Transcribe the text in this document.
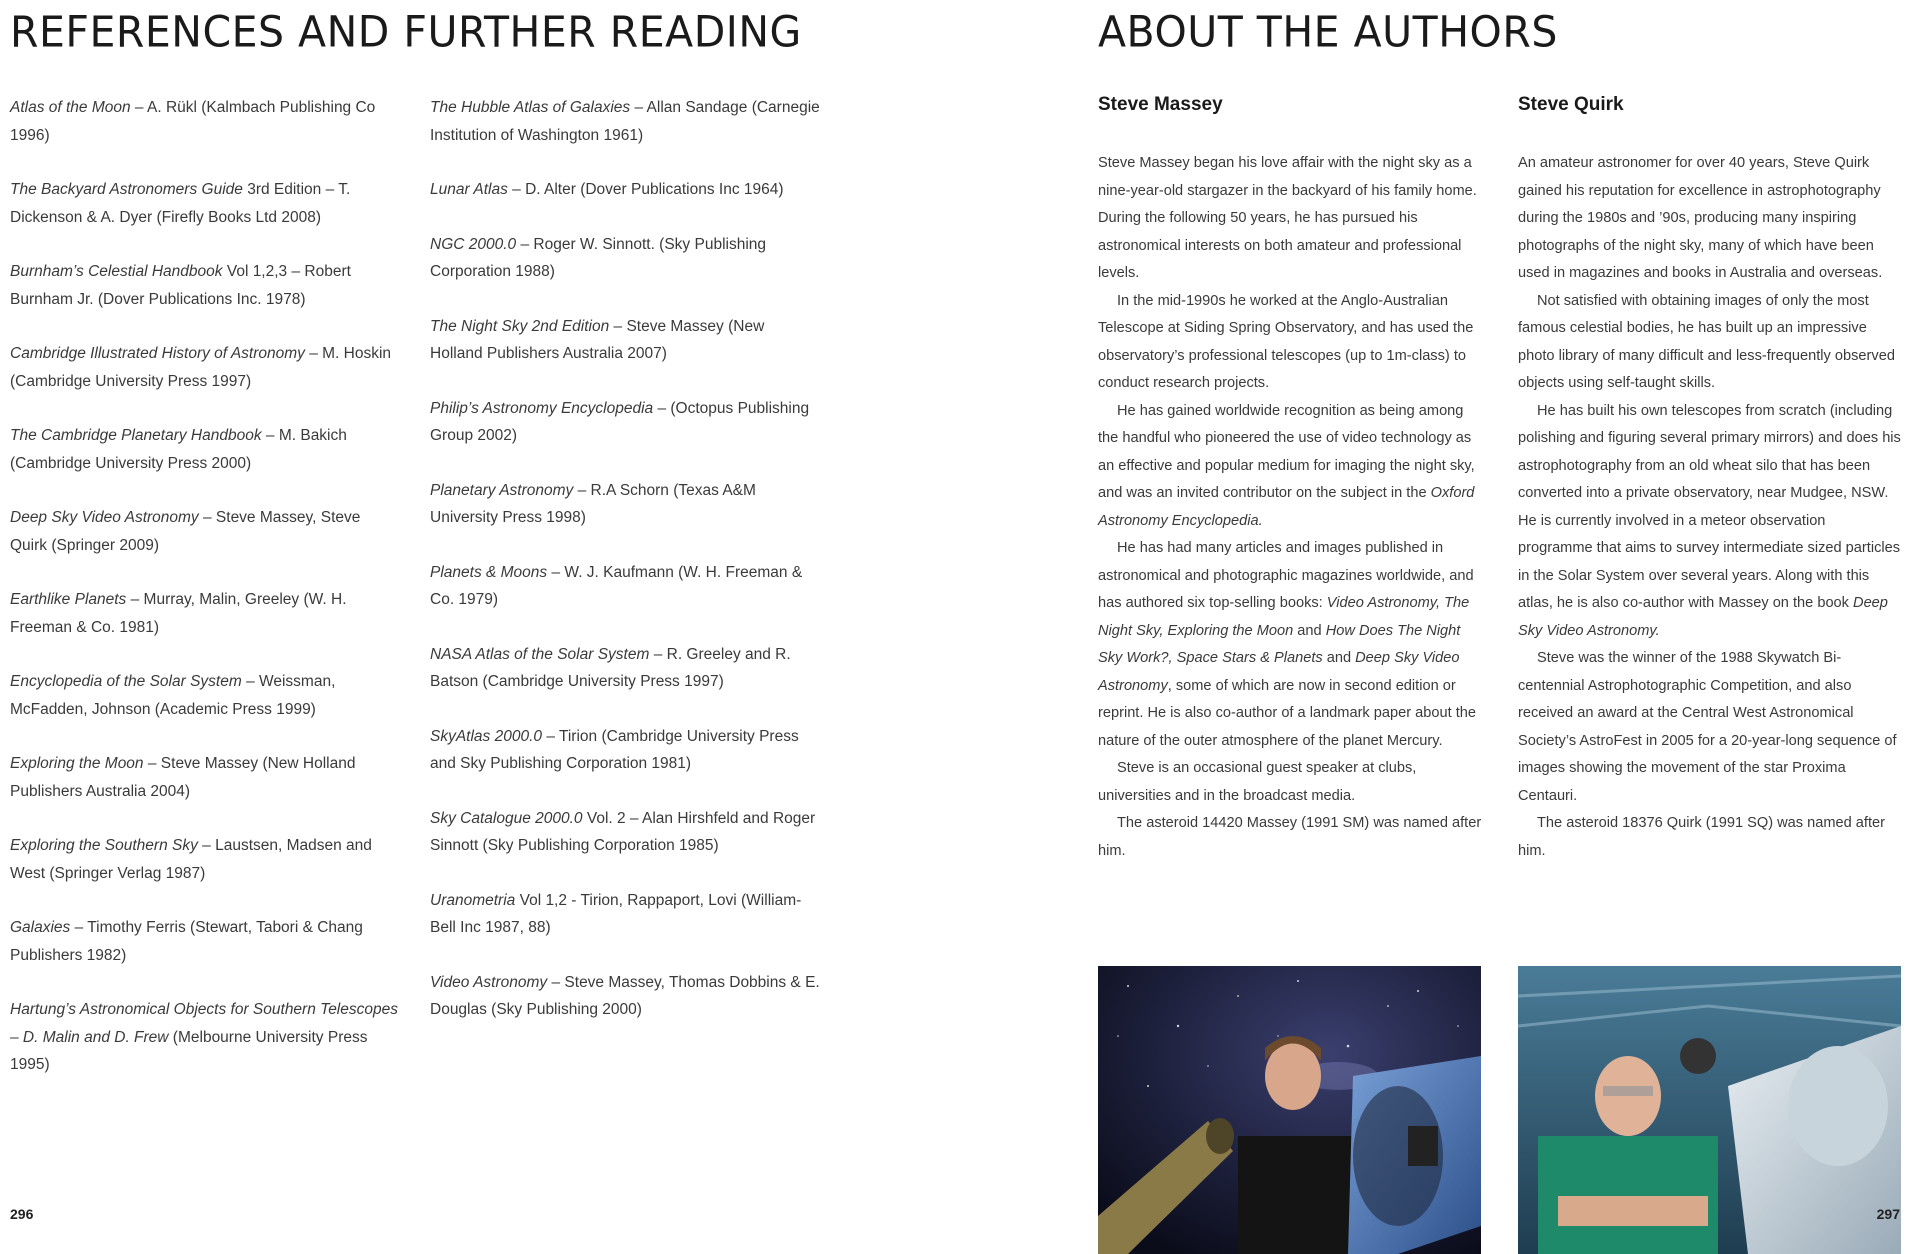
REFERENCES AND FURTHER READING

Atlas of the Moon – A. Rükl (Kalmbach Publishing Co 1996)

The Backyard Astronomers Guide 3rd Edition – T. Dickenson & A. Dyer (Firefly Books Ltd 2008)

Burnham’s Celestial Handbook Vol 1,2,3 – Robert Burnham Jr. (Dover Publications Inc. 1978)

Cambridge Illustrated History of Astronomy – M. Hoskin (Cambridge University Press 1997)

The Cambridge Planetary Handbook – M. Bakich (Cambridge University Press 2000)

Deep Sky Video Astronomy – Steve Massey, Steve Quirk (Springer 2009)

Earthlike Planets – Murray, Malin, Greeley (W. H. Freeman & Co. 1981)

Encyclopedia of the Solar System – Weissman, McFadden, Johnson (Academic Press 1999)

Exploring the Moon – Steve Massey (New Holland Publishers Australia 2004)

Exploring the Southern Sky – Laustsen, Madsen and West (Springer Verlag 1987)

Galaxies – Timothy Ferris (Stewart, Tabori & Chang Publishers 1982)

Hartung’s Astronomical Objects for Southern Telescopes – D. Malin and D. Frew (Melbourne University Press 1995)

The Hubble Atlas of Galaxies – Allan Sandage (Carnegie Institution of Washington 1961)

Lunar Atlas – D. Alter (Dover Publications Inc 1964)

NGC 2000.0 – Roger W. Sinnott. (Sky Publishing Corporation 1988)

The Night Sky 2nd Edition – Steve Massey (New Holland Publishers Australia 2007)

Philip’s Astronomy Encyclopedia – (Octopus Publishing Group 2002)

Planetary Astronomy – R.A Schorn (Texas A&M University Press 1998)

Planets & Moons – W. J. Kaufmann (W. H. Freeman & Co. 1979)

NASA Atlas of the Solar System – R. Greeley and R. Batson (Cambridge University Press 1997)

SkyAtlas 2000.0 – Tirion (Cambridge University Press and Sky Publishing Corporation 1981)

Sky Catalogue 2000.0 Vol. 2 – Alan Hirshfeld and Roger Sinnott (Sky Publishing Corporation 1985)

Uranometria Vol 1,2 - Tirion, Rappaport, Lovi (William-Bell Inc 1987, 88)

Video Astronomy – Steve Massey, Thomas Dobbins & E. Douglas (Sky Publishing 2000)

296
ABOUT THE AUTHORS
Steve Massey

Steve Massey began his love affair with the night sky as a nine-year-old stargazer in the backyard of his family home. During the following 50 years, he has pursued his astronomical interests on both amateur and professional levels.

In the mid-1990s he worked at the Anglo-Australian Telescope at Siding Spring Observatory, and has used the observatory’s professional telescopes (up to 1m-class) to conduct research projects.

He has gained worldwide recognition as being among the handful who pioneered the use of video technology as an effective and popular medium for imaging the night sky, and was an invited contributor on the subject in the Oxford Astronomy Encyclopedia.

He has had many articles and images published in astronomical and photographic magazines worldwide, and has authored six top-selling books: Video Astronomy, The Night Sky, Exploring the Moon and How Does The Night Sky Work?, Space Stars & Planets and Deep Sky Video Astronomy, some of which are now in second edition or reprint. He is also co-author of a landmark paper about the nature of the outer atmosphere of the planet Mercury.

Steve is an occasional guest speaker at clubs, universities and in the broadcast media.

The asteroid 14420 Massey (1991 SM) was named after him.

Steve Quirk

An amateur astronomer for over 40 years, Steve Quirk gained his reputation for excellence in astrophotography during the 1980s and ’90s, producing many inspiring photographs of the night sky, many of which have been used in magazines and books in Australia and overseas.

Not satisfied with obtaining images of only the most famous celestial bodies, he has built up an impressive photo library of many difficult and less-frequently observed objects using self-taught skills.

He has built his own telescopes from scratch (including polishing and figuring several primary mirrors) and does his astrophotography from an old wheat silo that has been converted into a private observatory, near Mudgee, NSW. He is currently involved in a meteor observation programme that aims to survey intermediate sized particles in the Solar System over several years. Along with this atlas, he is also co-author with Massey on the book Deep Sky Video Astronomy.

Steve was the winner of the 1988 Skywatch Bi-centennial Astrophotographic Competition, and also received an award at the Central West Astronomical Society’s AstroFest in 2005 for a 20-year-long sequence of images showing the movement of the star Proxima Centauri.

The asteroid 18376 Quirk (1991 SQ) was named after him.

297
